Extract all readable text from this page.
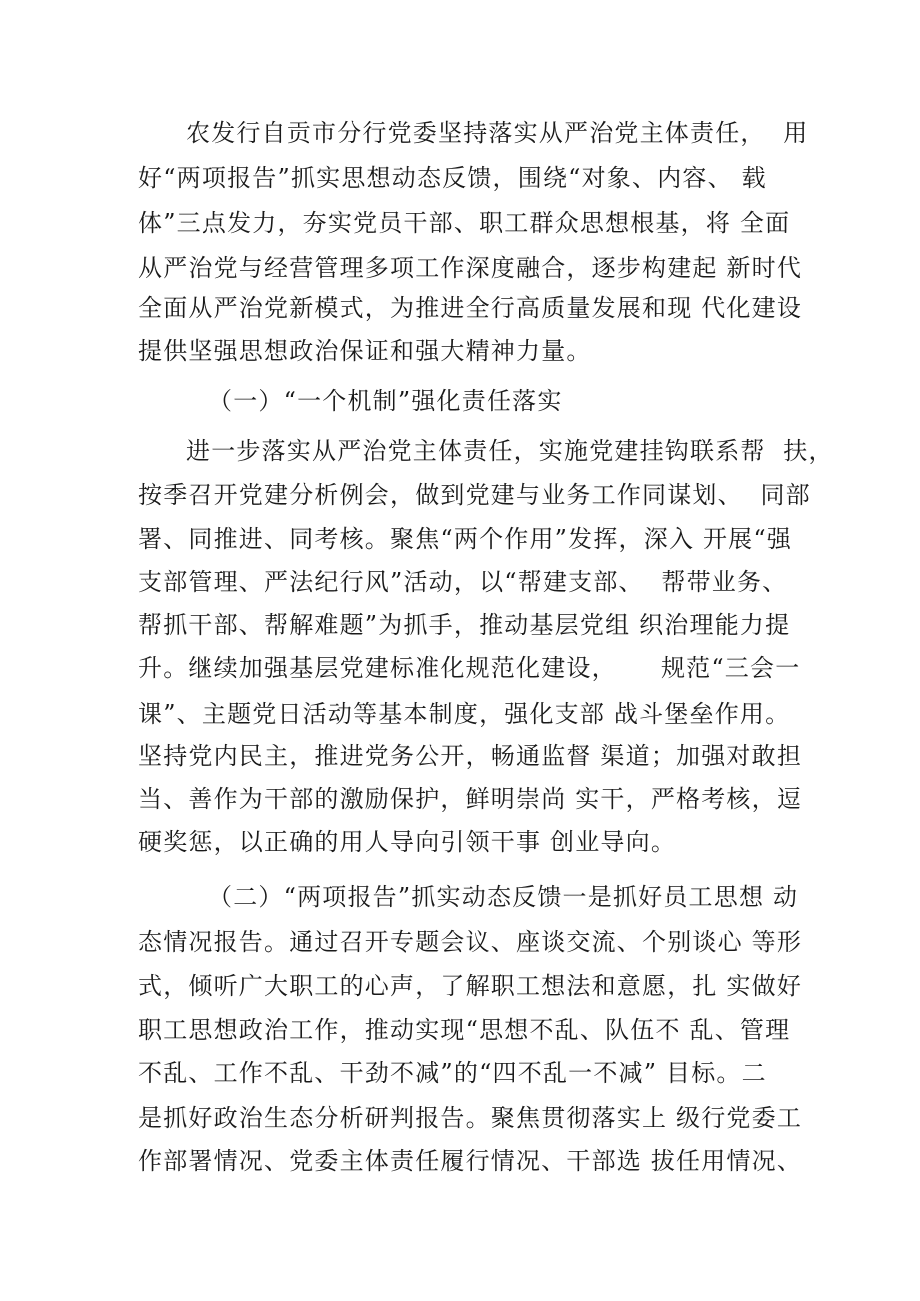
农发行自贡市分行党委坚持落实从严治党主体责任，  用
好“两项报告”抓实思想动态反馈，围绕“对象、内容、 载
体”三点发力，夯实党员干部、职工群众思想根基，将 全面
从严治党与经营管理多项工作深度融合，逐步构建起 新时代
全面从严治党新模式，为推进全行高质量发展和现 代化建设
提供坚强思想政治保证和强大精神力量。
（一）“一个机制”强化责任落实
进一步落实从严治党主体责任，实施党建挂钩联系帮  扶，
按季召开党建分析例会，做到党建与业务工作同谋划、  同部
署、同推进、同考核。聚焦“两个作用”发挥，深入 开展“强
支部管理、严法纪行风”活动，以“帮建支部、  帮带业务、
帮抓干部、帮解难题”为抓手，推动基层党组 织治理能力提
升。继续加强基层党建标准化规范化建设，     规范“三会一
课”、主题党日活动等基本制度，强化支部 战斗堡垒作用。
坚持党内民主，推进党务公开，畅通监督 渠道；加强对敢担
当、善作为干部的激励保护，鲜明崇尚 实干，严格考核，逗
硬奖惩，以正确的用人导向引领干事 创业导向。
（二）“两项报告”抓实动态反馈一是抓好员工思想 动
态情况报告。通过召开专题会议、座谈交流、个别谈心 等形
式，倾听广大职工的心声，了解职工想法和意愿，扎 实做好
职工思想政治工作，推动实现“思想不乱、队伍不 乱、管理
不乱、工作不乱、干劲不减”的“四不乱一不减” 目标。二
是抓好政治生态分析研判报告。聚焦贯彻落实上 级行党委工
作部署情况、党委主体责任履行情况、干部选 拔任用情况、
